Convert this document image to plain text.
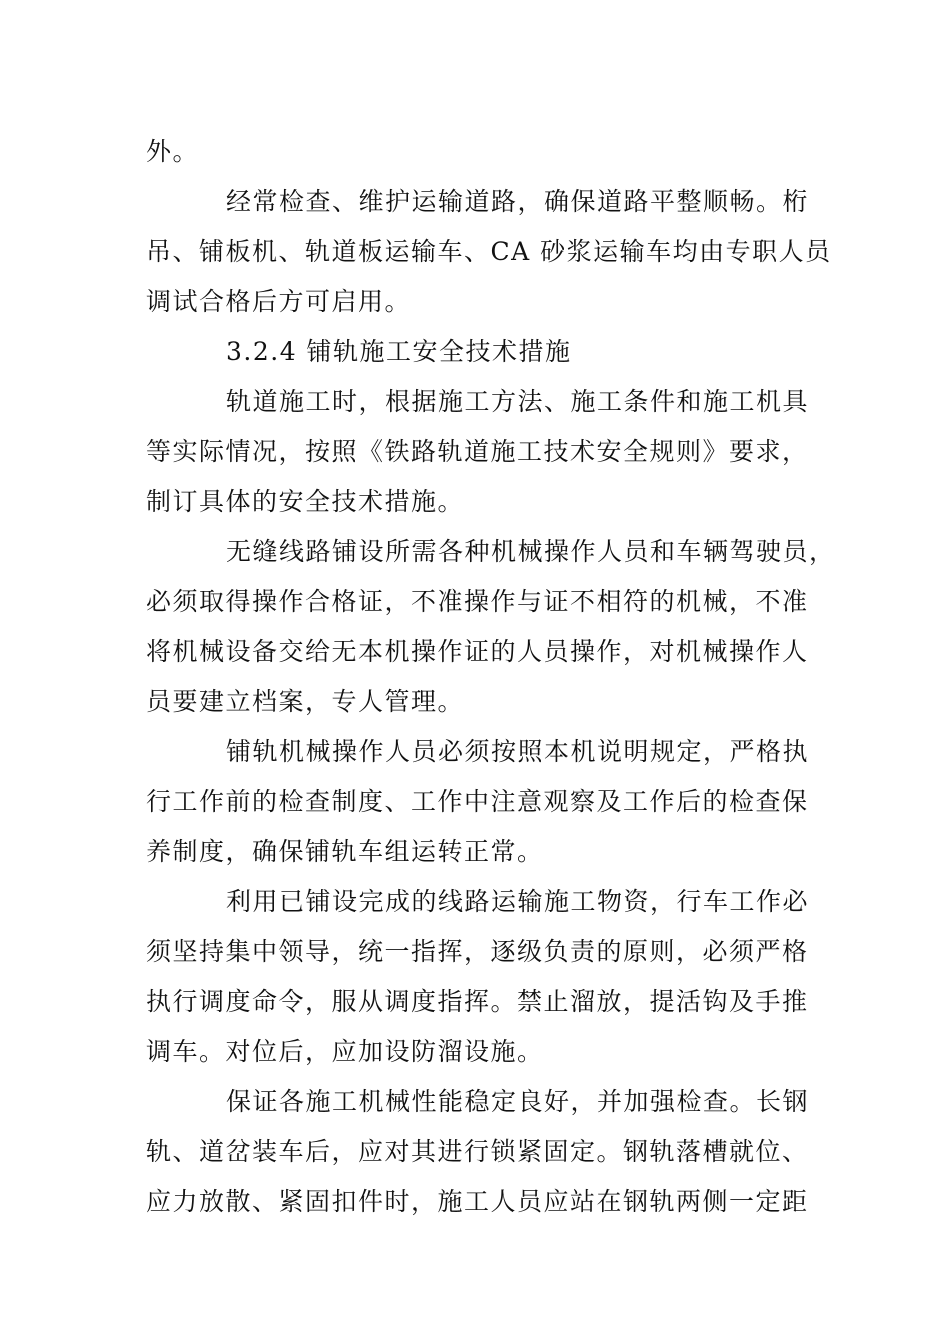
外。
经常检查、维护运输道路，确保道路平整顺畅。桁
吊、铺板机、轨道板运输车、CA 砂浆运输车均由专职人员
调试合格后方可启用。
3.2.4 铺轨施工安全技术措施
轨道施工时，根据施工方法、施工条件和施工机具
等实际情况，按照《铁路轨道施工技术安全规则》要求，
制订具体的安全技术措施。
无缝线路铺设所需各种机械操作人员和车辆驾驶员，
必须取得操作合格证，不准操作与证不相符的机械，不准
将机械设备交给无本机操作证的人员操作，对机械操作人
员要建立档案，专人管理。
铺轨机械操作人员必须按照本机说明规定，严格执
行工作前的检查制度、工作中注意观察及工作后的检查保
养制度，确保铺轨车组运转正常。
利用已铺设完成的线路运输施工物资，行车工作必
须坚持集中领导，统一指挥，逐级负责的原则，必须严格
执行调度命令，服从调度指挥。禁止溜放，提活钩及手推
调车。对位后，应加设防溜设施。
保证各施工机械性能稳定良好，并加强检查。长钢
轨、道岔装车后，应对其进行锁紧固定。钢轨落槽就位、
应力放散、紧固扣件时，施工人员应站在钢轨两侧一定距
